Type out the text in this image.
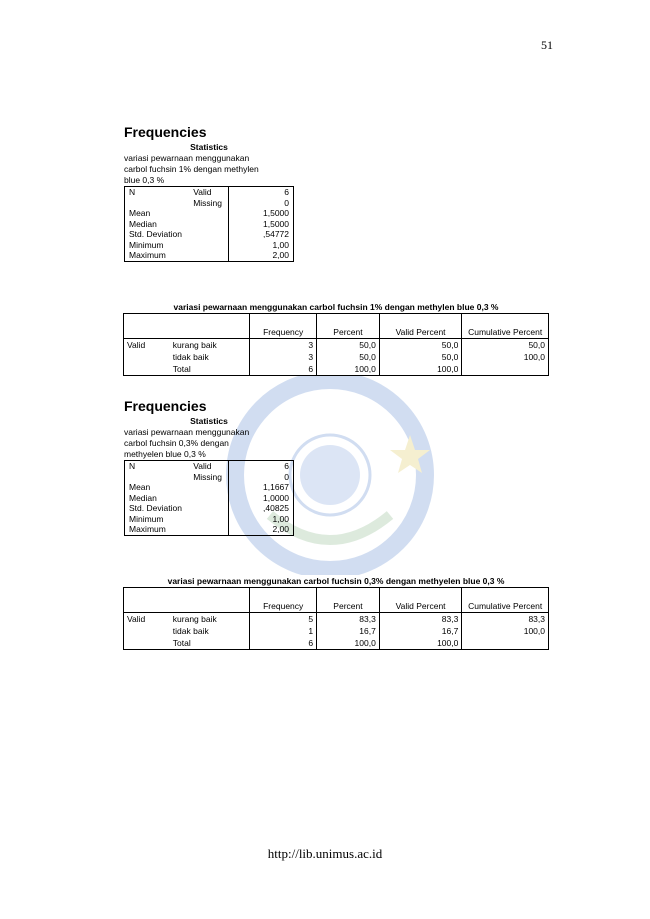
51
Frequencies
Statistics
variasi pewarnaan menggunakan
carbol fuchsin 1% dengan methylen
blue 0,3 %
N	Valid	6
	Missing	0
Mean		1,5000
Median		1,5000
Std. Deviation		,54772
Minimum		1,00
Maximum		2,00
variasi pewarnaan menggunakan carbol fuchsin 1% dengan methylen blue 0,3 %
		Frequency	Percent	Valid Percent	Cumulative Percent
Valid	kurang baik	3	50,0	50,0	50,0
	tidak baik	3	50,0	50,0	100,0
	Total	6	100,0	100,0	
Frequencies
Statistics
variasi pewarnaan menggunakan
carbol fuchsin 0,3% dengan
methyelen blue 0,3 %
N	Valid	6
	Missing	0
Mean		1,1667
Median		1,0000
Std. Deviation		,40825
Minimum		1,00
Maximum		2,00
variasi pewarnaan menggunakan carbol fuchsin 0,3% dengan methyelen blue 0,3 %
		Frequency	Percent	Valid Percent	Cumulative Percent
Valid	kurang baik	5	83,3	83,3	83,3
	tidak baik	1	16,7	16,7	100,0
	Total	6	100,0	100,0	
http://lib.unimus.ac.id
